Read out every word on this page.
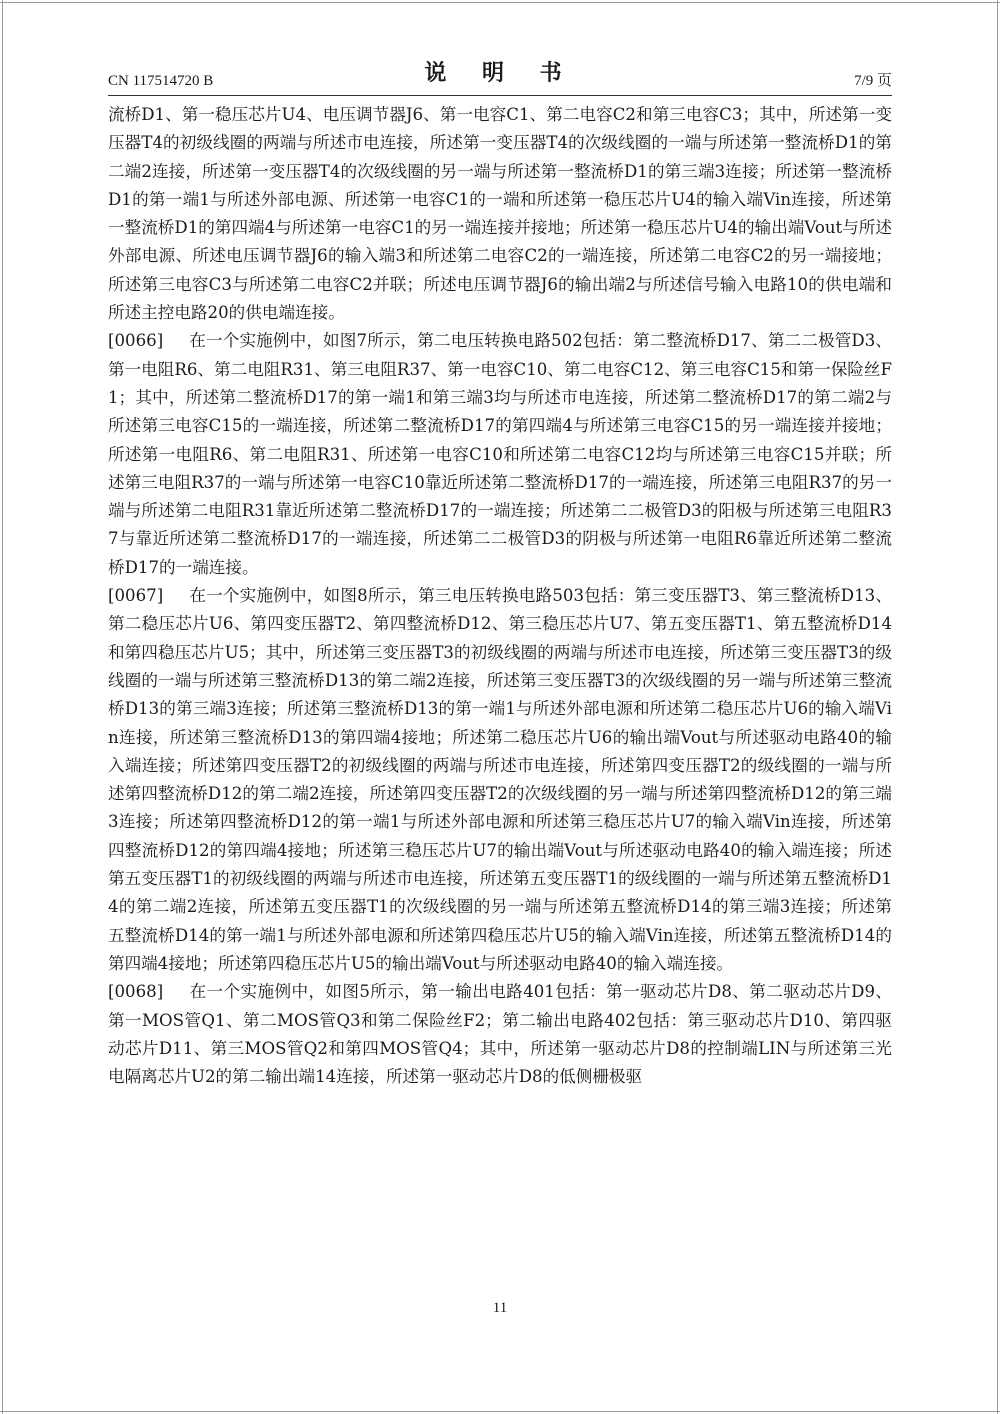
CN 117514720 B	说 明 书	7/9 页

流桥D1、第一稳压芯片U4、电压调节器J6、第一电容C1、第二电容C2和第三电容C3；其中，所述第一变压器T4的初级线圈的两端与所述市电连接，所述第一变压器T4的次级线圈的一端与所述第一整流桥D1的第二端2连接，所述第一变压器T4的次级线圈的另一端与所述第一整流桥D1的第三端3连接；所述第一整流桥D1的第一端1与所述外部电源、所述第一电容C1的一端和所述第一稳压芯片U4的输入端Vin连接，所述第一整流桥D1的第四端4与所述第一电容C1的另一端连接并接地；所述第一稳压芯片U4的输出端Vout与所述外部电源、所述电压调节器J6的输入端3和所述第二电容C2的一端连接，所述第二电容C2的另一端接地；所述第三电容C3与所述第二电容C2并联；所述电压调节器J6的输出端2与所述信号输入电路10的供电端和所述主控电路20的供电端连接。

[0066] 在一个实施例中，如图7所示，第二电压转换电路502包括：第二整流桥D17、第二二极管D3、第一电阻R6、第二电阻R31、第三电阻R37、第一电容C10、第二电容C12、第三电容C15和第一保险丝F1；其中，所述第二整流桥D17的第一端1和第三端3均与所述市电连接，所述第二整流桥D17的第二端2与所述第三电容C15的一端连接，所述第二整流桥D17的第四端4与所述第三电容C15的另一端连接并接地；所述第一电阻R6、第二电阻R31、所述第一电容C10和所述第二电容C12均与所述第三电容C15并联；所述第三电阻R37的一端与所述第一电容C10靠近所述第二整流桥D17的一端连接，所述第三电阻R37的另一端与所述第二电阻R31靠近所述第二整流桥D17的一端连接；所述第二二极管D3的阳极与所述第三电阻R37与靠近所述第二整流桥D17的一端连接，所述第二二极管D3的阴极与所述第一电阻R6靠近所述第二整流桥D17的一端连接。

[0067] 在一个实施例中，如图8所示，第三电压转换电路503包括：第三变压器T3、第三整流桥D13、第二稳压芯片U6、第四变压器T2、第四整流桥D12、第三稳压芯片U7、第五变压器T1、第五整流桥D14和第四稳压芯片U5；其中，所述第三变压器T3的初级线圈的两端与所述市电连接，所述第三变压器T3的级线圈的一端与所述第三整流桥D13的第二端2连接，所述第三变压器T3的次级线圈的另一端与所述第三整流桥D13的第三端3连接；所述第三整流桥D13的第一端1与所述外部电源和所述第二稳压芯片U6的输入端Vin连接，所述第三整流桥D13的第四端4接地；所述第二稳压芯片U6的输出端Vout与所述驱动电路40的输入端连接；所述第四变压器T2的初级线圈的两端与所述市电连接，所述第四变压器T2的级线圈的一端与所述第四整流桥D12的第二端2连接，所述第四变压器T2的次级线圈的另一端与所述第四整流桥D12的第三端3连接；所述第四整流桥D12的第一端1与所述外部电源和所述第三稳压芯片U7的输入端Vin连接，所述第四整流桥D12的第四端4接地；所述第三稳压芯片U7的输出端Vout与所述驱动电路40的输入端连接；所述第五变压器T1的初级线圈的两端与所述市电连接，所述第五变压器T1的级线圈的一端与所述第五整流桥D14的第二端2连接，所述第五变压器T1的次级线圈的另一端与所述第五整流桥D14的第三端3连接；所述第五整流桥D14的第一端1与所述外部电源和所述第四稳压芯片U5的输入端Vin连接，所述第五整流桥D14的第四端4接地；所述第四稳压芯片U5的输出端Vout与所述驱动电路40的输入端连接。

[0068] 在一个实施例中，如图5所示，第一输出电路401包括：第一驱动芯片D8、第二驱动芯片D9、第一MOS管Q1、第二MOS管Q3和第二保险丝F2；第二输出电路402包括：第三驱动芯片D10、第四驱动芯片D11、第三MOS管Q2和第四MOS管Q4；其中，所述第一驱动芯片D8的控制端LIN与所述第三光电隔离芯片U2的第二输出端14连接，所述第一驱动芯片D8的低侧栅极驱

11
